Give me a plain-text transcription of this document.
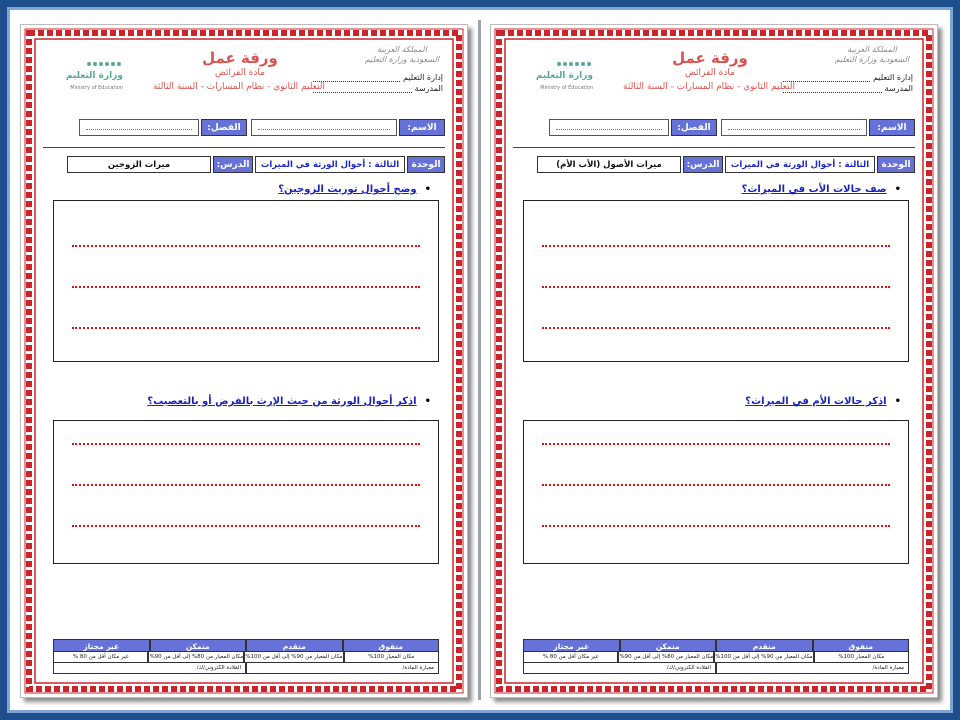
المملكة العربية السعودية وزارة التعليم
إدارة التعليم
المدرسة
ورقة عمل
مادة الفرائض
التعليم الثانوي - نظام المسارات - السنة الثالثة
وزارة التعليم
Ministry of Education
الاسم:
الفصل:
الوحدة
الثالثة : أحوال الورثة في الميرات
الدرس:
ميرات الزوجين
•وضح أحوال توريث الزوجين؟
•اذكر أحوال الورثة من حيث الإرث بالفرض أو بالتعصيب؟
متفوق
متقدم
متمكن
غير مجتاز
مكان المعيار 100%
مكان المعيار من 90% إلى أقل من 100%
مكان المعيار من 80% إلى أقل من 90%
غير مكان أقل من 80 %
معيارة المادة/
القلادة الكتروني/ك/
المملكة العربية السعودية وزارة التعليم
إدارة التعليم
المدرسة
ورقة عمل
مادة الفرائض
التعليم الثانوي - نظام المسارات - السنة الثالثة
وزارة التعليم
Ministry of Education
الاسم:
الفصل:
الوحدة
الثالثة : أحوال الورثة في الميرات
الدرس:
ميرات الأصول (الأب الأم)
•صف حالات الأب في الميراث؟
•اذكر حالات الأم في الميراث؟
متفوق
متقدم
متمكن
غير مجتاز
مكان المعيار 100%
مكان المعيار من 90% إلى أقل من 100%
مكان المعيار من 80% إلى أقل من 90%
غير مكان أقل من 80 %
معيارة المادة/
القلادة الكتروني/ك/
